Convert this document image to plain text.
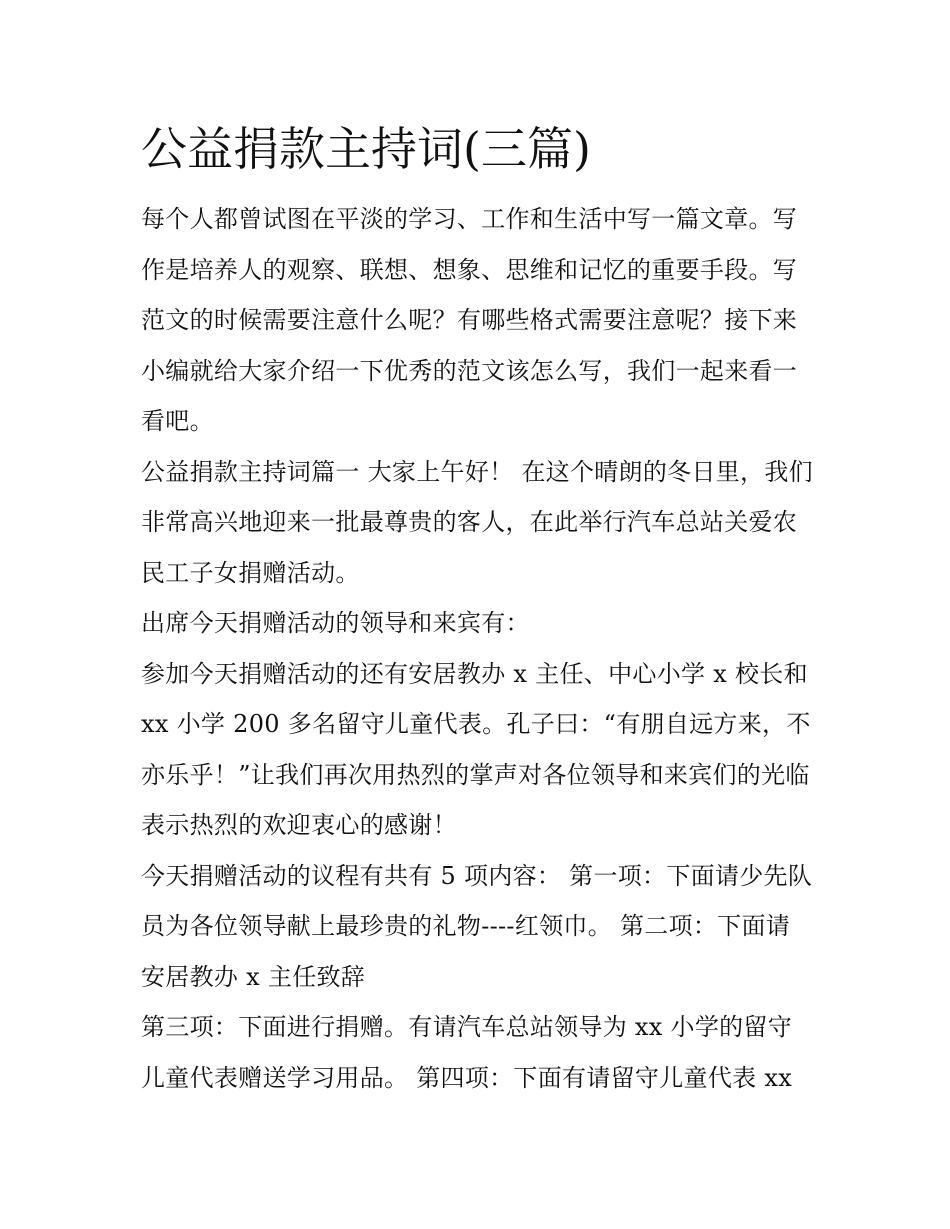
公益捐款主持词(三篇)

每个人都曾试图在平淡的学习、工作和生活中写一篇文章。写作是培养人的观察、联想、想象、思维和记忆的重要手段。写范文的时候需要注意什么呢？有哪些格式需要注意呢？接下来小编就给大家介绍一下优秀的范文该怎么写，我们一起来看一看吧。

公益捐款主持词篇一 大家上午好！ 在这个晴朗的冬日里，我们非常高兴地迎来一批最尊贵的客人，在此举行汽车总站关爱农民工子女捐赠活动。

出席今天捐赠活动的领导和来宾有：

参加今天捐赠活动的还有安居教办 x 主任、中心小学 x 校长和 xx 小学 200 多名留守儿童代表。孔子曰：“有朋自远方来，不亦乐乎！”让我们再次用热烈的掌声对各位领导和来宾们的光临表示热烈的欢迎衷心的感谢！

今天捐赠活动的议程有共有 5 项内容： 第一项：下面请少先队员为各位领导献上最珍贵的礼物----红领巾。 第二项：下面请安居教办 x 主任致辞

第三项：下面进行捐赠。有请汽车总站领导为 xx 小学的留守儿童代表赠送学习用品。 第四项：下面有请留守儿童代表 xx
